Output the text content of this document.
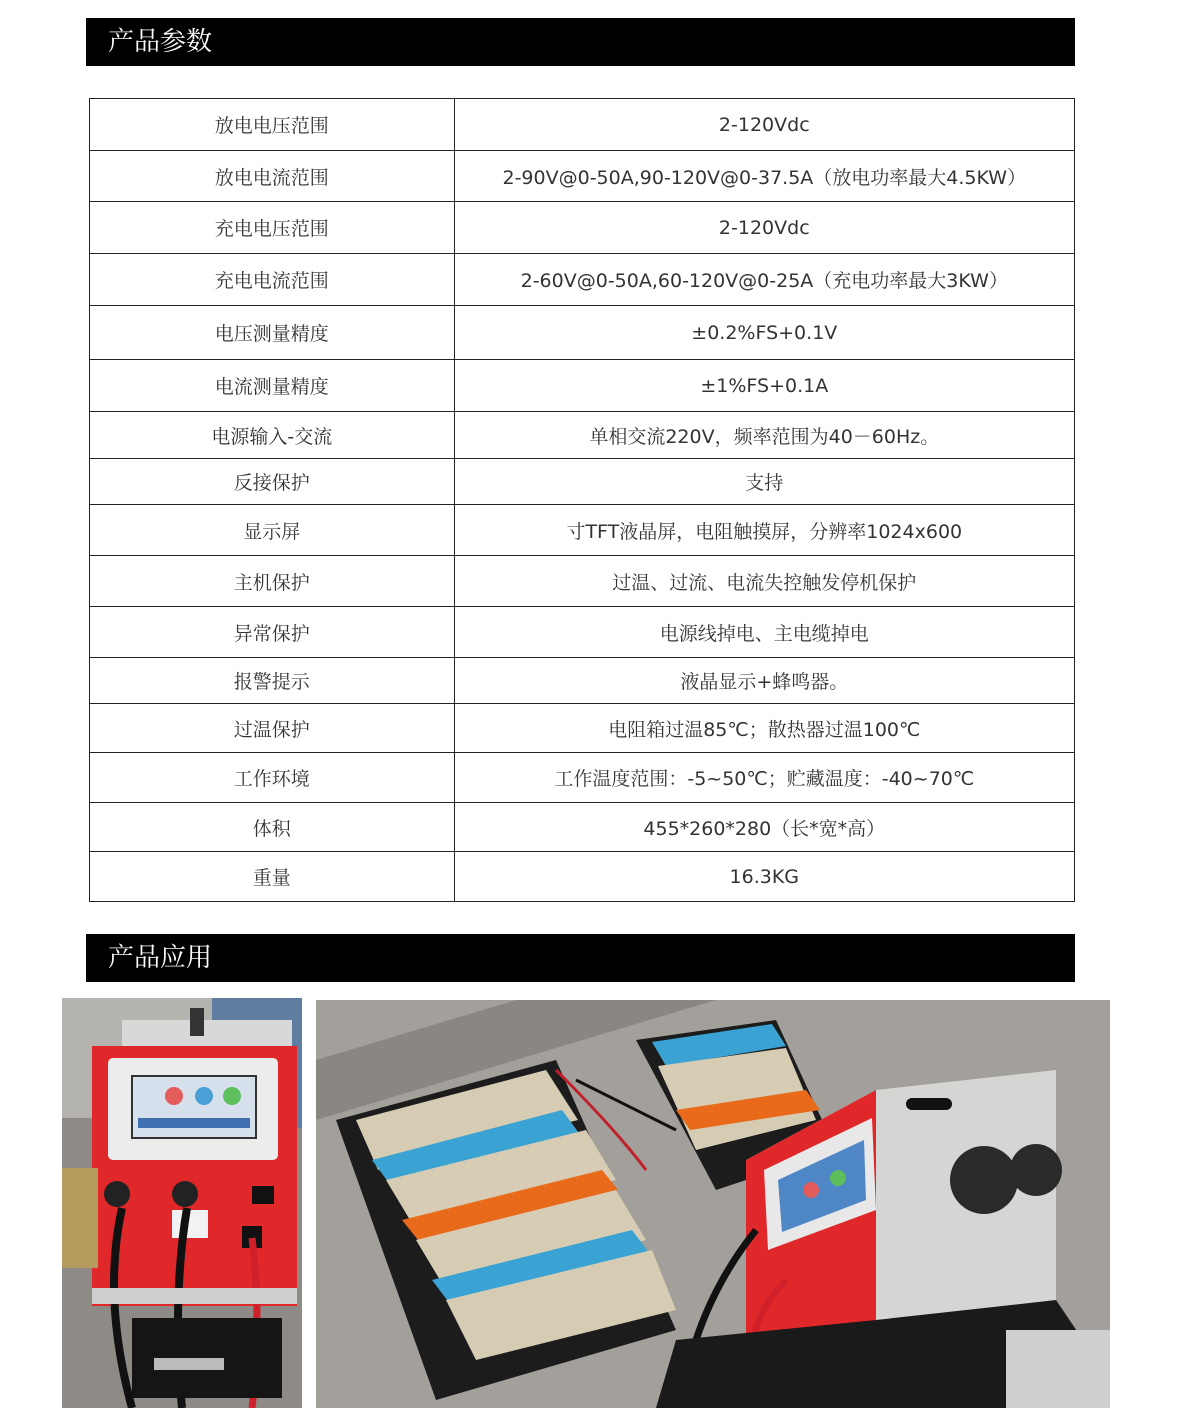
产品参数
放电电压范围	2-120Vdc
放电电流范围	2-90V@0-50A,90-120V@0-37.5A（放电功率最大4.5KW）
充电电压范围	2-120Vdc
充电电流范围	2-60V@0-50A,60-120V@0-25A（充电功率最大3KW）
电压测量精度	±0.2%FS+0.1V
电流测量精度	±1%FS+0.1A
电源输入-交流	单相交流220V，频率范围为40－60Hz。
反接保护	支持
显示屏	寸TFT液晶屏，电阻触摸屏，分辨率1024x600
主机保护	过温、过流、电流失控触发停机保护
异常保护	电源线掉电、主电缆掉电
报警提示	液晶显示+蜂鸣器。
过温保护	电阻箱过温85℃；散热器过温100℃
工作环境	工作温度范围：-5~50℃；贮藏温度：-40~70℃
体积	455*260*280（长*宽*高）
重量	16.3KG
产品应用
